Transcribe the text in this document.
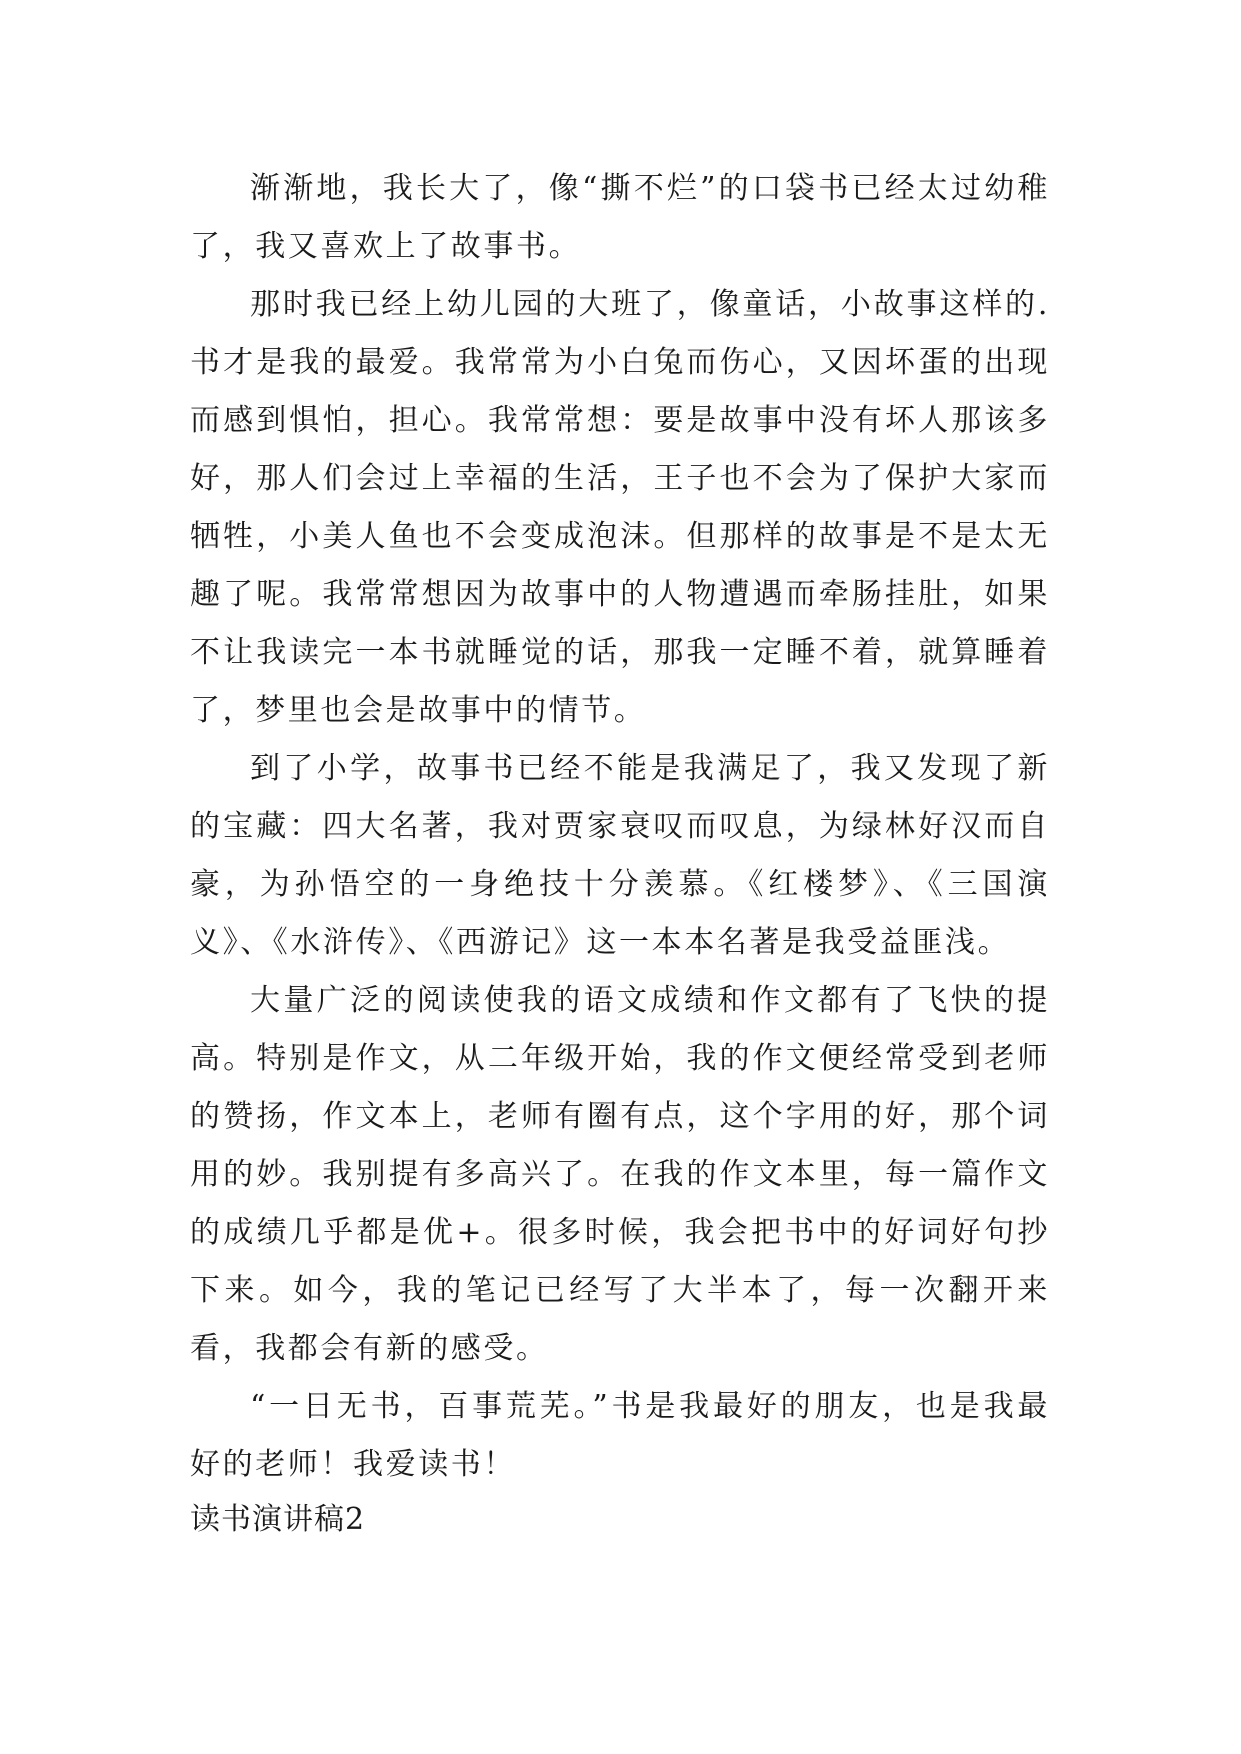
渐渐地，我长大了，像“撕不烂”的口袋书已经太过幼稚了，我又喜欢上了故事书。

那时我已经上幼儿园的大班了，像童话，小故事这样的.书才是我的最爱。我常常为小白兔而伤心，又因坏蛋的出现而感到惧怕，担心。我常常想：要是故事中没有坏人那该多好，那人们会过上幸福的生活，王子也不会为了保护大家而牺牲，小美人鱼也不会变成泡沫。但那样的故事是不是太无趣了呢。我常常想因为故事中的人物遭遇而牵肠挂肚，如果不让我读完一本书就睡觉的话，那我一定睡不着，就算睡着了，梦里也会是故事中的情节。

到了小学，故事书已经不能是我满足了，我又发现了新的宝藏：四大名著，我对贾家衰叹而叹息，为绿林好汉而自豪，为孙悟空的一身绝技十分羡慕。《红楼梦》、《三国演义》、《水浒传》、《西游记》这一本本名著是我受益匪浅。

大量广泛的阅读使我的语文成绩和作文都有了飞快的提高。特别是作文，从二年级开始，我的作文便经常受到老师的赞扬，作文本上，老师有圈有点，这个字用的好，那个词用的妙。我别提有多高兴了。在我的作文本里，每一篇作文的成绩几乎都是优+。很多时候，我会把书中的好词好句抄下来。如今，我的笔记已经写了大半本了，每一次翻开来看，我都会有新的感受。

“一日无书，百事荒芜。”书是我最好的朋友，也是我最好的老师！我爱读书！

读书演讲稿2
